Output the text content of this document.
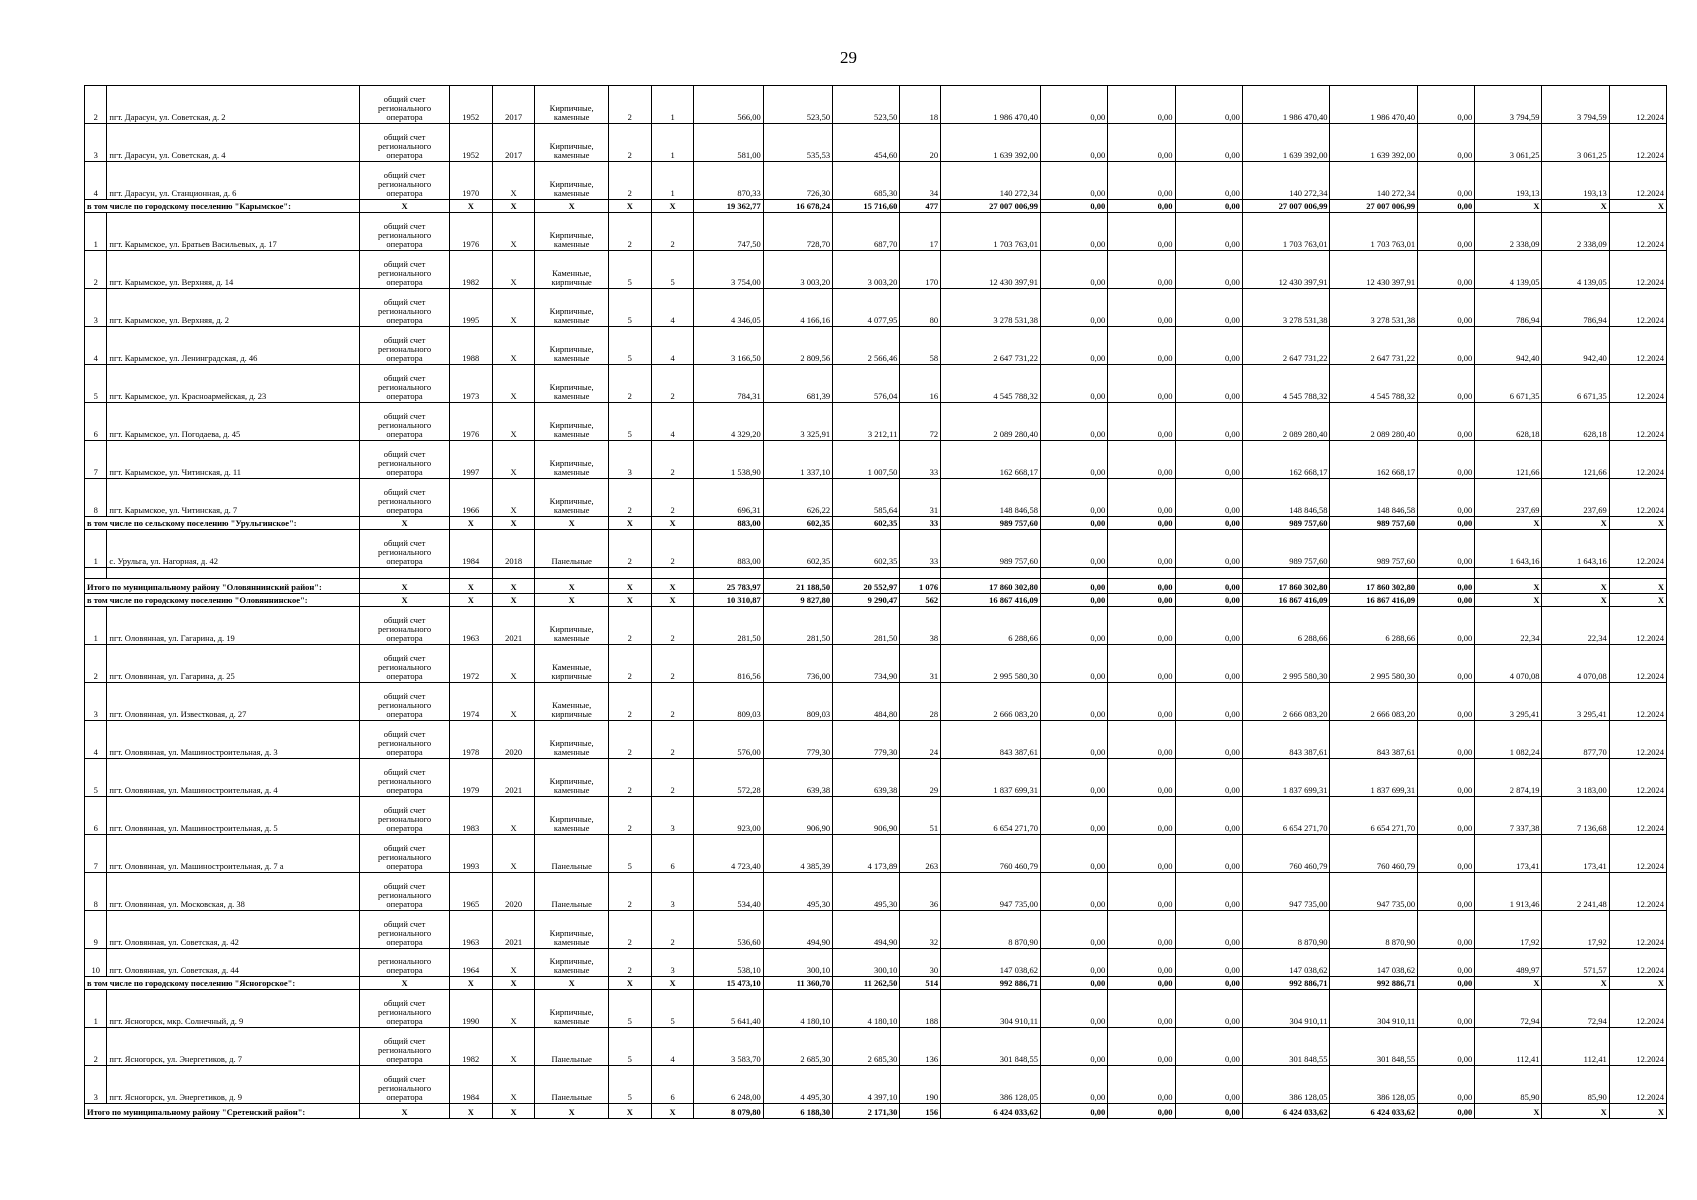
29
2	пгт. Дарасун, ул. Советская, д. 2	общий счет
регионального
оператора	1952	2017	Кирпичные,
каменные	2	1	566,00	523,50	523,50	18	1 986 470,40	0,00	0,00	0,00	1 986 470,40	1 986 470,40	0,00	3 794,59	3 794,59	12.2024
3	пгт. Дарасун, ул. Советская, д. 4	общий счет
регионального
оператора	1952	2017	Кирпичные,
каменные	2	1	581,00	535,53	454,60	20	1 639 392,00	0,00	0,00	0,00	1 639 392,00	1 639 392,00	0,00	3 061,25	3 061,25	12.2024
4	пгт. Дарасун, ул. Станционная, д. 6	общий счет
регионального
оператора	1970	X	Кирпичные,
каменные	2	1	870,33	726,30	685,30	34	140 272,34	0,00	0,00	0,00	140 272,34	140 272,34	0,00	193,13	193,13	12.2024
в том числе по городскому поселению "Карымское":		X	X	X	X	X	X	19 362,77	16 678,24	15 716,60	477	27 007 006,99	0,00	0,00	0,00	27 007 006,99	27 007 006,99	0,00	X	X	X
1	пгт. Карымское, ул. Братьев Васильевых, д. 17	общий счет
регионального
оператора	1976	X	Кирпичные,
каменные	2	2	747,50	728,70	687,70	17	1 703 763,01	0,00	0,00	0,00	1 703 763,01	1 703 763,01	0,00	2 338,09	2 338,09	12.2024
2	пгт. Карымское, ул. Верхняя, д. 14	общий счет
регионального
оператора	1982	X	Каменные,
кирпичные	5	5	3 754,00	3 003,20	3 003,20	170	12 430 397,91	0,00	0,00	0,00	12 430 397,91	12 430 397,91	0,00	4 139,05	4 139,05	12.2024
3	пгт. Карымское, ул. Верхняя, д. 2	общий счет
регионального
оператора	1995	X	Кирпичные,
каменные	5	4	4 346,05	4 166,16	4 077,95	80	3 278 531,38	0,00	0,00	0,00	3 278 531,38	3 278 531,38	0,00	786,94	786,94	12.2024
4	пгт. Карымское, ул. Ленинградская, д. 46	общий счет
регионального
оператора	1988	X	Кирпичные,
каменные	5	4	3 166,50	2 809,56	2 566,46	58	2 647 731,22	0,00	0,00	0,00	2 647 731,22	2 647 731,22	0,00	942,40	942,40	12.2024
5	пгт. Карымское, ул. Красноармейская, д. 23	общий счет
регионального
оператора	1973	X	Кирпичные,
каменные	2	2	784,31	681,39	576,04	16	4 545 788,32	0,00	0,00	0,00	4 545 788,32	4 545 788,32	0,00	6 671,35	6 671,35	12.2024
6	пгт. Карымское, ул. Погодаева, д. 45	общий счет
регионального
оператора	1976	X	Кирпичные,
каменные	5	4	4 329,20	3 325,91	3 212,11	72	2 089 280,40	0,00	0,00	0,00	2 089 280,40	2 089 280,40	0,00	628,18	628,18	12.2024
7	пгт. Карымское, ул. Читинская, д. 11	общий счет
регионального
оператора	1997	X	Кирпичные,
каменные	3	2	1 538,90	1 337,10	1 007,50	33	162 668,17	0,00	0,00	0,00	162 668,17	162 668,17	0,00	121,66	121,66	12.2024
8	пгт. Карымское, ул. Читинская, д. 7	общий счет
регионального
оператора	1966	X	Кирпичные,
каменные	2	2	696,31	626,22	585,64	31	148 846,58	0,00	0,00	0,00	148 846,58	148 846,58	0,00	237,69	237,69	12.2024
в том числе по сельскому поселению "Урульгинское":		X	X	X	X	X	X	883,00	602,35	602,35	33	989 757,60	0,00	0,00	0,00	989 757,60	989 757,60	0,00	X	X	X
1	с. Урульга, ул. Нагорная, д. 42	общий счет
регионального
оператора	1984	2018	Панельные	2	2	883,00	602,35	602,35	33	989 757,60	0,00	0,00	0,00	989 757,60	989 757,60	0,00	1 643,16	1 643,16	12.2024

Итого по муниципальному району "Оловяннинский район":		X	X	X	X	X	X	25 783,97	21 188,50	20 552,97	1 076	17 860 302,80	0,00	0,00	0,00	17 860 302,80	17 860 302,80	0,00	X	X	X
в том числе по городскому поселению "Оловяннинское":		X	X	X	X	X	X	10 310,87	9 827,80	9 290,47	562	16 867 416,09	0,00	0,00	0,00	16 867 416,09	16 867 416,09	0,00	X	X	X
1	пгт. Оловянная, ул. Гагарина, д. 19	общий счет
регионального
оператора	1963	2021	Кирпичные,
каменные	2	2	281,50	281,50	281,50	38	6 288,66	0,00	0,00	0,00	6 288,66	6 288,66	0,00	22,34	22,34	12.2024
2	пгт. Оловянная, ул. Гагарина, д. 25	общий счет
регионального
оператора	1972	X	Каменные,
кирпичные	2	2	816,56	736,00	734,90	31	2 995 580,30	0,00	0,00	0,00	2 995 580,30	2 995 580,30	0,00	4 070,08	4 070,08	12.2024
3	пгт. Оловянная, ул. Известковая, д. 27	общий счет
регионального
оператора	1974	X	Каменные,
кирпичные	2	2	809,03	809,03	484,80	28	2 666 083,20	0,00	0,00	0,00	2 666 083,20	2 666 083,20	0,00	3 295,41	3 295,41	12.2024
4	пгт. Оловянная, ул. Машиностроительная, д. 3	общий счет
регионального
оператора	1978	2020	Кирпичные,
каменные	2	2	576,00	779,30	779,30	24	843 387,61	0,00	0,00	0,00	843 387,61	843 387,61	0,00	1 082,24	877,70	12.2024
5	пгт. Оловянная, ул. Машиностроительная, д. 4	общий счет
регионального
оператора	1979	2021	Кирпичные,
каменные	2	2	572,28	639,38	639,38	29	1 837 699,31	0,00	0,00	0,00	1 837 699,31	1 837 699,31	0,00	2 874,19	3 183,00	12.2024
6	пгт. Оловянная, ул. Машиностроительная, д. 5	общий счет
регионального
оператора	1983	X	Кирпичные,
каменные	2	3	923,00	906,90	906,90	51	6 654 271,70	0,00	0,00	0,00	6 654 271,70	6 654 271,70	0,00	7 337,38	7 136,68	12.2024
7	пгт. Оловянная, ул. Машиностроительная, д. 7 а	общий счет
регионального
оператора	1993	X	Панельные	5	6	4 723,40	4 385,39	4 173,89	263	760 460,79	0,00	0,00	0,00	760 460,79	760 460,79	0,00	173,41	173,41	12.2024
8	пгт. Оловянная, ул. Московская, д. 38	общий счет
регионального
оператора	1965	2020	Панельные	2	3	534,40	495,30	495,30	36	947 735,00	0,00	0,00	0,00	947 735,00	947 735,00	0,00	1 913,46	2 241,48	12.2024
9	пгт. Оловянная, ул. Советская, д. 42	общий счет
регионального
оператора	1963	2021	Кирпичные,
каменные	2	2	536,60	494,90	494,90	32	8 870,90	0,00	0,00	0,00	8 870,90	8 870,90	0,00	17,92	17,92	12.2024
10	пгт. Оловянная, ул. Советская, д. 44	регионального
оператора	1964	X	Кирпичные,
каменные	2	3	538,10	300,10	300,10	30	147 038,62	0,00	0,00	0,00	147 038,62	147 038,62	0,00	489,97	571,57	12.2024
в том числе по городскому поселению "Ясногорское":		X	X	X	X	X	X	15 473,10	11 360,70	11 262,50	514	992 886,71	0,00	0,00	0,00	992 886,71	992 886,71	0,00	X	X	X
1	пгт. Ясногорск, мкр. Солнечный, д. 9	общий счет
регионального
оператора	1990	X	Кирпичные,
каменные	5	5	5 641,40	4 180,10	4 180,10	188	304 910,11	0,00	0,00	0,00	304 910,11	304 910,11	0,00	72,94	72,94	12.2024
2	пгт. Ясногорск, ул. Энергетиков, д. 7	общий счет
регионального
оператора	1982	X	Панельные	5	4	3 583,70	2 685,30	2 685,30	136	301 848,55	0,00	0,00	0,00	301 848,55	301 848,55	0,00	112,41	112,41	12.2024
3	пгт. Ясногорск, ул. Энергетиков, д. 9	общий счет
регионального
оператора	1984	X	Панельные	5	6	6 248,00	4 495,30	4 397,10	190	386 128,05	0,00	0,00	0,00	386 128,05	386 128,05	0,00	85,90	85,90	12.2024
Итого по муниципальному району "Сретенский район":		X	X	X	X	X	X	8 079,80	6 188,30	2 171,30	156	6 424 033,62	0,00	0,00	0,00	6 424 033,62	6 424 033,62	0,00	X	X	X
